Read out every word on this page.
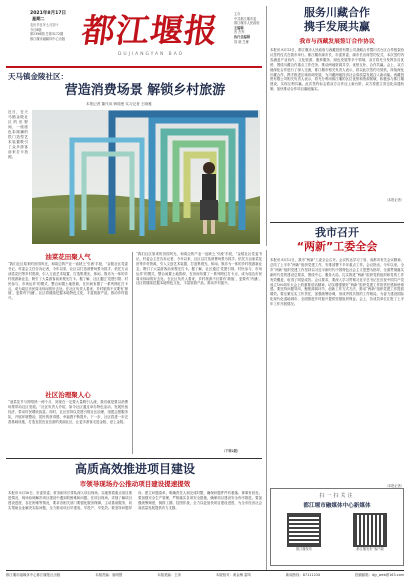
2021年8月17日
星期二
农历辛丑年七月初十
今日8版
第2396期 总第3172期
都江堰市融媒体中心出版 都江堰报
DUJIANGYAN BAO
主办
中共都江堰市委
都江堰市人民政府
主编辑
晋 杰军
执行总编辑
饶 晓 芝雁
服务川藏合作
携手发展共赢
我市与西藏发展签订合作协议
本报讯 8月13日，都江堰市人民政府与西藏投资有限公司战略合作暨川式台区合作框架协议签约仪式在我市举行。都江堰市副市长、市委常委、副市长出席签约仪式，本次签约内容涵盖产业协作、文化旅游、康养服务、绿色发展等多个领域，双方将充分发挥各自优势，围绕川藏合作重点工作任务，推动两地资源共享、优势互补、合作共赢。会上，双方就深化合作进行了深入交流，都江堰市相关负责人表示，将以此次签约为契机，持续深化川藏合作，携手推进区域协调发展，为川藏两地经济社会高质量发展注入新动能。西藏投资有限公司相关负责人表示，将充分利用都江堰的区位优势和资源禀赋，积极参与都江堰建设，实现互利共赢。此次签约标志着双方合作迈上新台阶，双方将建立常态化沟通机制，加快推动合作项目落地落实。
（本报记者）
天马镇金陵社区：
营造消费场景 解锁乡村旅游
本报记者 董代凤 韩瑞曼 实习记者 王晓雅
近日，在天马镇金陵社区的田野间，一座座色彩斑斓的拱门造型艺术装置吸引了众多游客前来打卡拍照。
油菜花田聚人气
“我们社区原来的田园风光，和周边的产业一直缺乏‘引流’手段，”金陵社区党委书记、村委会主任告诉记者，今年以来，社区以打造消费场景为抓手，依托万亩油菜花田等乡村资源，引入文创艺术装置，打造集观光、休闲、娱乐为一体的乡村旅游新业态，吸引了大量游客前来观光打卡。据了解，社区通过‘党建引领、村民参与、市场运作’的模式，整合闲置土地资源，在田间布置了一系列网红打卡点，成为周边市民周末休闲的好去处。在社区负责人看来，乡村旅游不仅要有‘颜值’，更要有‘内涵’。社区将继续挖掘本地特色文化，丰富旅游产品，推动乡村振兴。
社区治理聚人心
“油菜花节与网络热一两个月，到现在一定要大量吸引人流，我们就是要以消费场景带动社区发展。”社区负责人介绍，如今社区通过举办特色活动、发展民宿经济，带动村民增收致富。同时，社区坚持以党建引领社区治理，组建志愿服务队，开展环境整治，居民的获得感、幸福感不断提升。下一步，社区将进一步完善基础设施，打造宜居宜业宜游的美丽社区，让更多游客走进金陵、爱上金陵。
“我们社区原来的田园风光，和周边的产业一直缺乏‘引流’手段，”金陵社区党委书记、村委会主任告诉记者，今年以来，社区以打造消费场景为抓手，依托万亩油菜花田等乡村资源，引入文创艺术装置，打造集观光、休闲、娱乐为一体的乡村旅游新业态，吸引了大量游客前来观光打卡。据了解，社区通过‘党建引领、村民参与、市场运作’的模式，整合闲置土地资源，在田间布置了一系列网红打卡点，成为周边市民周末休闲的好去处。在社区负责人看来，乡村旅游不仅要有‘颜值’，更要有‘内涵’。社区将继续挖掘本地特色文化，丰富旅游产品，推动乡村振兴。
（下转2版）
我市召开
“两新”工委全会
本报讯 8月12日，我市“两新”工委全会召开。会议传达学习了省、成都市有关会议精神，总结了上半年“两新”组织党建工作，安排部署下半年重点工作。会议指出，今年以来，全市“两新”组织党建工作坚持以习近平新时代中国特色社会主义思想为指导，全面贯彻落实新时代党的建设总要求，围绕中心、服务大局，扎实推进“两新”组织党的组织和党的工作有效覆盖，取得了明显成效。会议要求，要深入学习贯彻习近平总书记在庆祝中国共产党成立100周年大会上的重要讲话精神，切实增强做好“两新”组织党建工作的责任感和使命感。要坚持问题导向，聚焦薄弱环节，创新工作方式方法，推动“两新”组织党建工作提质增效。要压紧压实工作责任，加强统筹协调，形成齐抓共管的工作格局，为奋力建设国际化现代化湿地城市、全面推进乡村振兴提供坚强组织保证。会上，各成员单位汇报了上半年工作开展情况。
（本报记者）
高质高效推进项目建设
市领导现场办公推动项目建设提速提效
本报讯 8月16日，市委常委、常务副市长带队深入项目现场，实地察看重点项目推进情况，现场协调解决项目建设中遇到的困难和问题。在项目现场，详细了解项目建设进度、存在困难等情况，要求各相关部门要强化服务保障，主动靠前服务，切实帮助企业解决实际问题，全力推动项目早建成、早投产、早见效。要坚持问题导向，建立问题清单，明确责任人和完成时限，确保问题件件有着落、事事有回音。要加强安全生产管理，严格落实各项安全措施，确保项目建设安全有序推进。要加强统筹调度，倒排工期、挂图作战，全力以赴加快项目建设进度，为全市经济社会高质量发展提供有力支撑。
扫一扫关注
都江堰市融媒体中心新媒体
都江堰发布	都江堰发布”客户端
都江堰市融媒体中心都江堰报社出版	本版责编：唐明慧	本版美编：王奔	本版校对：黄金梅 雷鸣	新闻热线：87111234	投稿邮箱：djy_web@163.com
